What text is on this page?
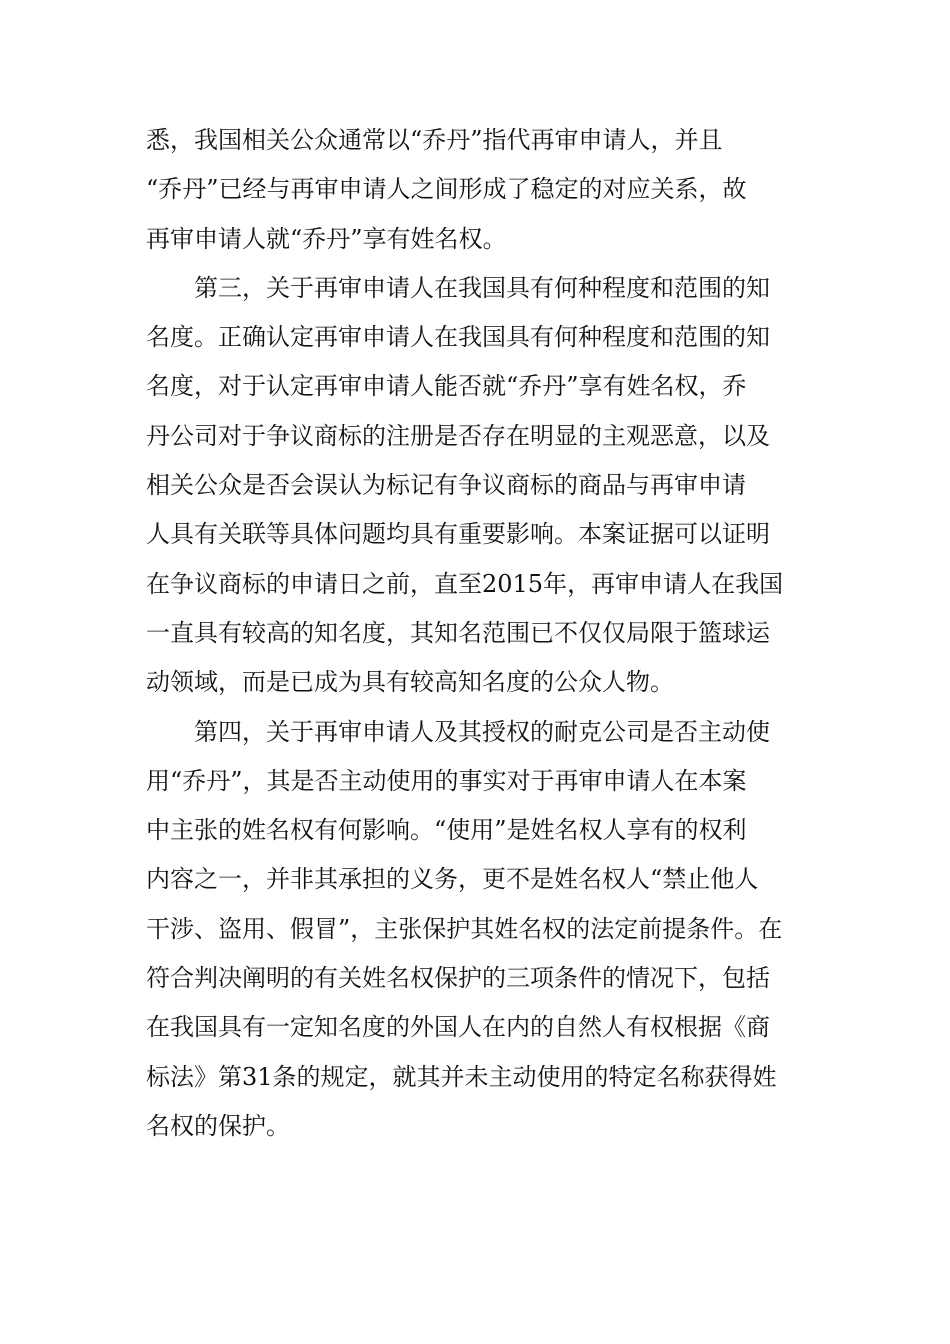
悉，我国相关公众通常以“乔丹”指代再审申请人，并且
“乔丹”已经与再审申请人之间形成了稳定的对应关系，故
再审申请人就“乔丹”享有姓名权。
第三，关于再审申请人在我国具有何种程度和范围的知
名度。正确认定再审申请人在我国具有何种程度和范围的知
名度，对于认定再审申请人能否就“乔丹”享有姓名权，乔
丹公司对于争议商标的注册是否存在明显的主观恶意，以及
相关公众是否会误认为标记有争议商标的商品与再审申请
人具有关联等具体问题均具有重要影响。本案证据可以证明
在争议商标的申请日之前，直至2015年，再审申请人在我国
一直具有较高的知名度，其知名范围已不仅仅局限于篮球运
动领域，而是已成为具有较高知名度的公众人物。
第四，关于再审申请人及其授权的耐克公司是否主动使
用“乔丹”，其是否主动使用的事实对于再审申请人在本案
中主张的姓名权有何影响。“使用”是姓名权人享有的权利
内容之一，并非其承担的义务，更不是姓名权人“禁止他人
干涉、盗用、假冒”，主张保护其姓名权的法定前提条件。在
符合判决阐明的有关姓名权保护的三项条件的情况下，包括
在我国具有一定知名度的外国人在内的自然人有权根据《商
标法》第31条的规定，就其并未主动使用的特定名称获得姓
名权的保护。
